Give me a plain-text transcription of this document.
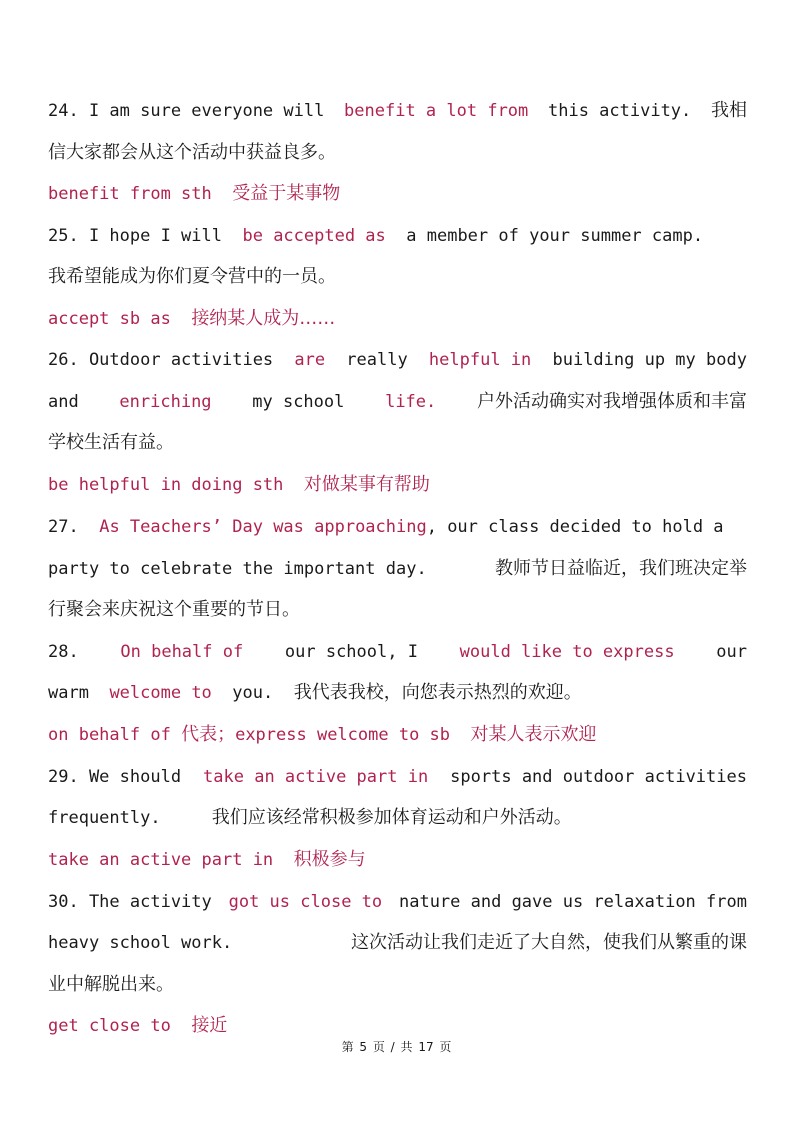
24. I am sure everyone will benefit a lot from this activity. 我相
信大家都会从这个活动中获益良多。
benefit from sth 受益于某事物
25. I hope I will be accepted as a member of your summer camp.
我希望能成为你们夏令营中的一员。
accept sb as 接纳某人成为……
26. Outdoor activities are really helpful in building up my body
and enriching my school life. 户外活动确实对我增强体质和丰富
学校生活有益。
be helpful in doing sth 对做某事有帮助
27. As Teachers’ Day was approaching, our class decided to hold a
party to celebrate the important day.	教师节日益临近，我们班决定举
行聚会来庆祝这个重要的节日。
28. On behalf of our school, I would like to express our
warm welcome to you. 我代表我校，向您表示热烈的欢迎。
on behalf of 代表；express welcome to sb 对某人表示欢迎
29. We should take an active part in sports and outdoor activities
frequently.	我们应该经常积极参加体育运动和户外活动。
take an active part in 积极参与
30. The activity got us close to nature and gave us relaxation from
heavy school work.	这次活动让我们走近了大自然，使我们从繁重的课
业中解脱出来。
get close to 接近
第 5 页 / 共 17 页
